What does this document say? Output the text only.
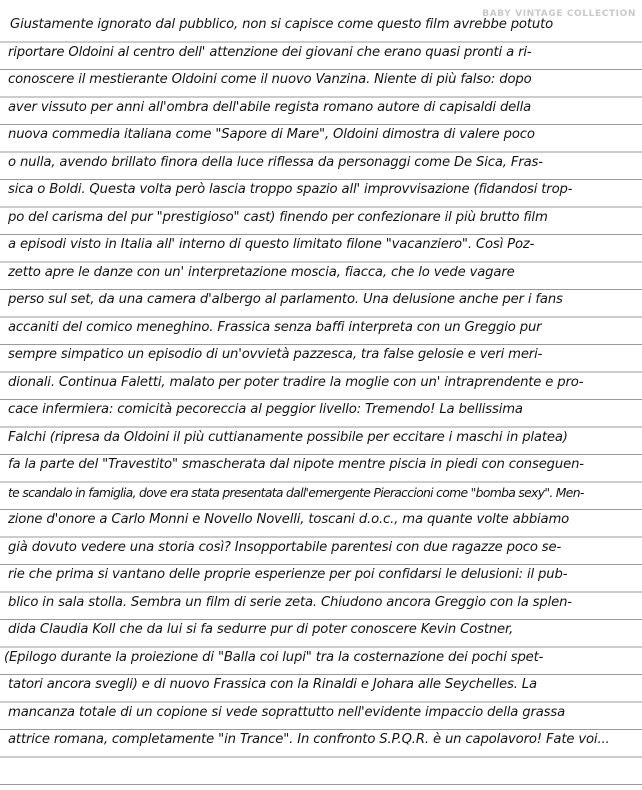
BABY VINTAGE COLLECTION
Giustamente ignorato dal pubblico, non si capisce come questo film avrebbe potuto
riportare Oldoini al centro dell' attenzione dei giovani che erano quasi pronti a ri-
conoscere il mestierante Oldoini come il nuovo Vanzina. Niente di più falso: dopo
aver vissuto per anni all'ombra dell'abile regista romano autore di capisaldi della
nuova commedia italiana come "Sapore di Mare", Oldoini dimostra di valere poco
o nulla, avendo brillato finora della luce riflessa da personaggi come De Sica, Fras-
sica o Boldi. Questa volta però lascia troppo spazio all' improvvisazione (fidandosi trop-
po del carisma del pur "prestigioso" cast) finendo per confezionare il più brutto film
a episodi visto in Italia all' interno di questo limitato filone "vacanziero". Così Poz-
zetto apre le danze con un' interpretazione moscia, fiacca, che lo vede vagare
perso sul set, da una camera d'albergo al parlamento. Una delusione anche per i fans
accaniti del comico meneghino. Frassica senza baffi interpreta con un Greggio pur
sempre simpatico un episodio di un'ovvietà pazzesca, tra false gelosie e veri meri-
dionali. Continua Faletti, malato per poter tradire la moglie con un' intraprendente e pro-
cace infermiera: comicità pecoreccia al peggior livello: Tremendo! La bellissima
Falchi (ripresa da Oldoini il più cuttianamente possibile per eccitare i maschi in platea)
fa la parte del "Travestito" smascherata dal nipote mentre piscia in piedi con conseguen-
te scandalo in famiglia, dove era stata presentata dall'emergente Pieraccioni come "bomba sexy". Men-
zione d'onore a Carlo Monni e Novello Novelli, toscani d.o.c., ma quante volte abbiamo
già dovuto vedere una storia così? Insopportabile parentesi con due ragazze poco se-
rie che prima si vantano delle proprie esperienze per poi confidarsi le delusioni: il pub-
blico in sala stolla. Sembra un film di serie zeta. Chiudono ancora Greggio con la splen-
dida Claudia Koll che da lui si fa sedurre pur di poter conoscere Kevin Costner,
(Epilogo durante la proiezione di "Balla coi lupi" tra la costernazione dei pochi spet-
tatori ancora svegli) e di nuovo Frassica con la Rinaldi e Johara alle Seychelles. La
mancanza totale di un copione si vede soprattutto nell'evidente impaccio della grassa
attrice romana, completamente "in Trance". In confronto S.P.Q.R. è un capolavoro! Fate voi...
